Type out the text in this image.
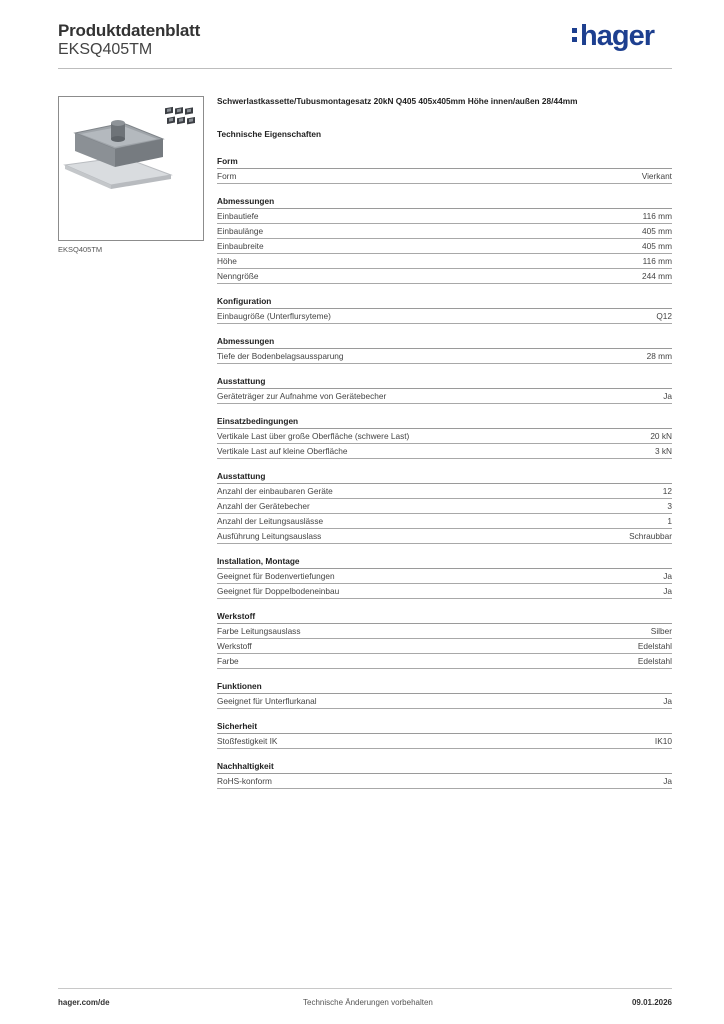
Produktdatenblatt
EKSQ405TM	hager
EKSQ405TM
Schwerlastkassette/Tubusmontagesatz 20kN Q405 405x405mm Höhe innen/außen 28/44mm
Technische Eigenschaften
Form
Form	Vierkant
Abmessungen
Einbautiefe	116 mm
Einbaulänge	405 mm
Einbaubreite	405 mm
Höhe	116 mm
Nenngröße	244 mm
Konfiguration
Einbaugröße (Unterflursyteme)	Q12
Abmessungen
Tiefe der Bodenbelagsaussparung	28 mm
Ausstattung
Geräteträger zur Aufnahme von Gerätebecher	Ja
Einsatzbedingungen
Vertikale Last über große Oberfläche (schwere Last)	20 kN
Vertikale Last auf kleine Oberfläche	3 kN
Ausstattung
Anzahl der einbaubaren Geräte	12
Anzahl der Gerätebecher	3
Anzahl der Leitungsauslässe	1
Ausführung Leitungsauslass	Schraubbar
Installation, Montage
Geeignet für Bodenvertiefungen	Ja
Geeignet für Doppelbodeneinbau	Ja
Werkstoff
Farbe Leitungsauslass	Silber
Werkstoff	Edelstahl
Farbe	Edelstahl
Funktionen
Geeignet für Unterflurkanal	Ja
Sicherheit
Stoßfestigkeit IK	IK10
Nachhaltigkeit
RoHS-konform	Ja
hager.com/de	Technische Änderungen vorbehalten	09.01.2026
